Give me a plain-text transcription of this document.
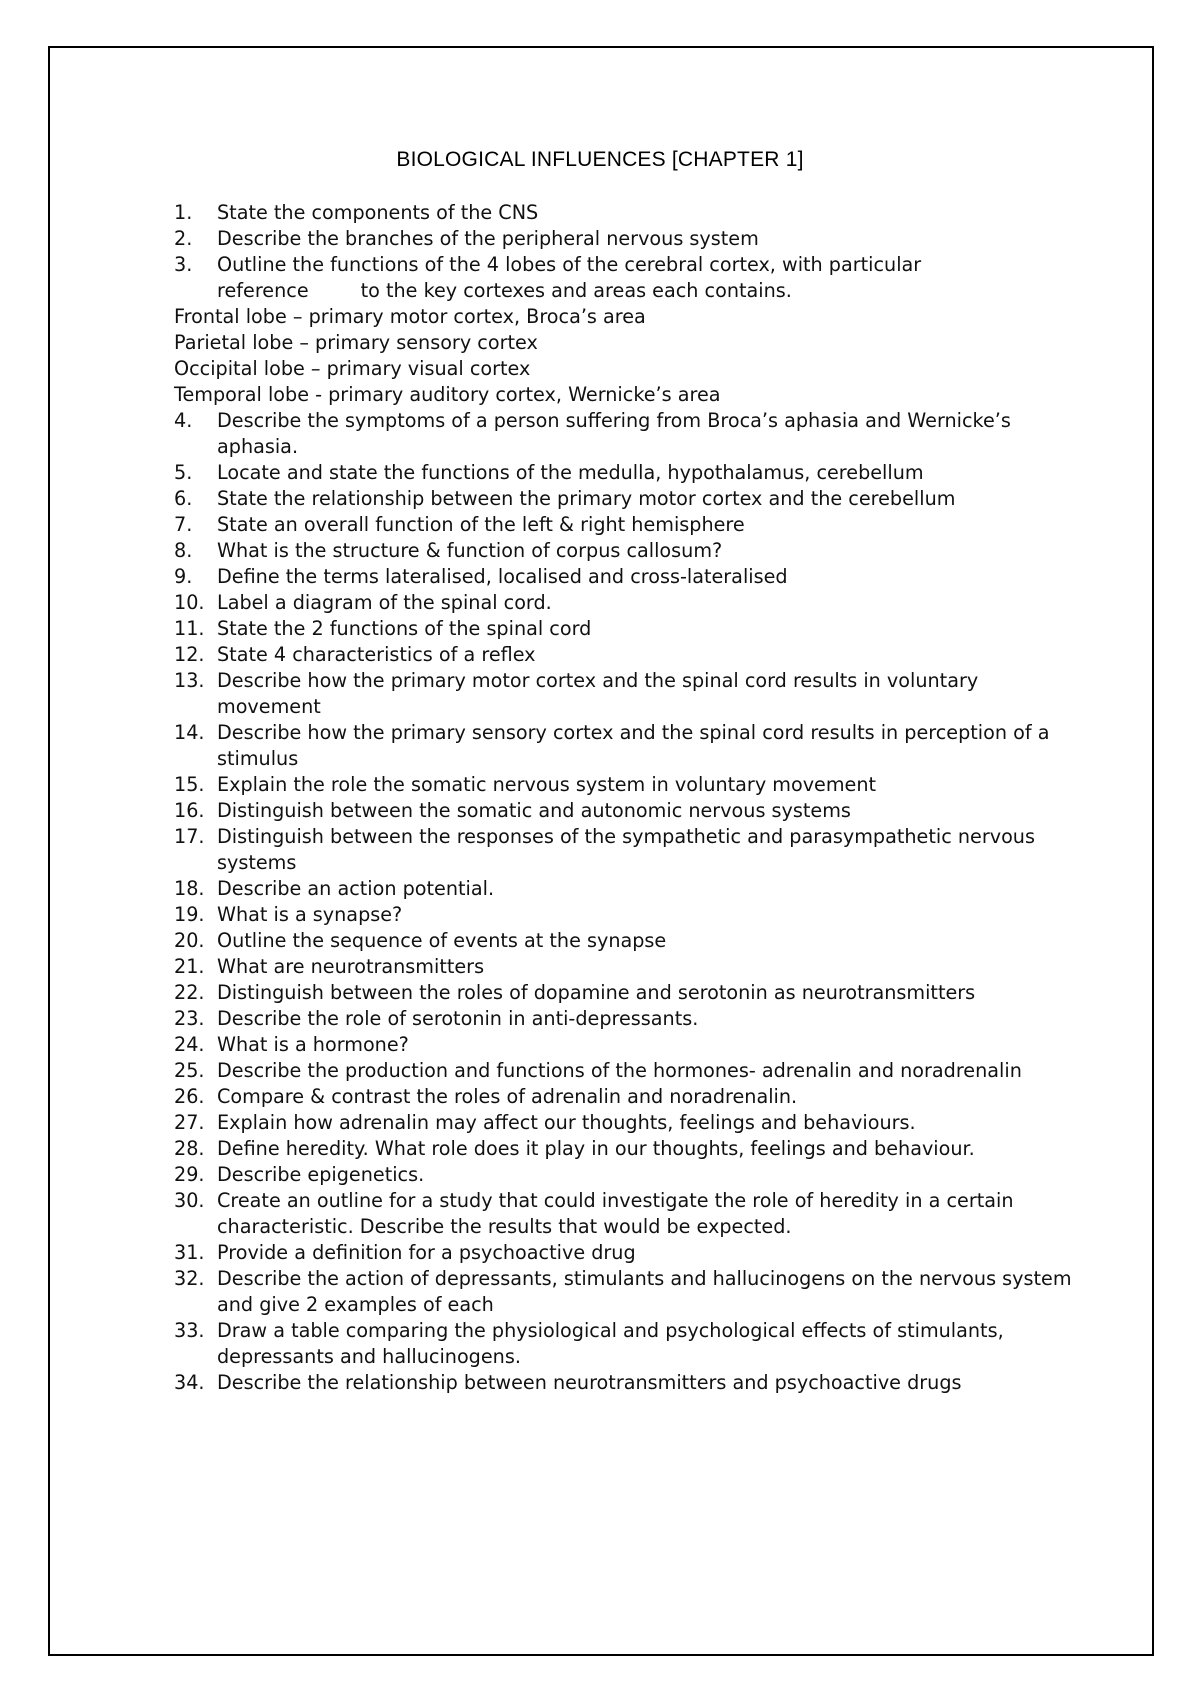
BIOLOGICAL INFLUENCES [CHAPTER 1]
1.	State the components of the CNS
2.	Describe the branches of the peripheral nervous system
3.	Outline the functions of the 4 lobes of the cerebral cortex, with particular
reference	to the key cortexes and areas each contains.
Frontal lobe – primary motor cortex, Broca’s area
Parietal lobe – primary sensory cortex
Occipital lobe – primary visual cortex
Temporal lobe - primary auditory cortex, Wernicke’s area
4.	Describe the symptoms of a person suffering from Broca’s aphasia and Wernicke’s aphasia.
5.	Locate and state the functions of the medulla, hypothalamus, cerebellum
6.	State the relationship between the primary motor cortex and the cerebellum
7.	State an overall function of the left & right hemisphere
8.	What is the structure & function of corpus callosum?
9.	Define the terms lateralised, localised and cross-lateralised
10. Label a diagram of the spinal cord.
11. State the 2 functions of the spinal cord
12. State 4 characteristics of a reflex
13. Describe how the primary motor cortex and the spinal cord results in voluntary movement
14. Describe how the primary sensory cortex and the spinal cord results in perception of a stimulus
15. Explain the role the somatic nervous system in voluntary movement
16. Distinguish between the somatic and autonomic nervous systems
17. Distinguish between the responses of the sympathetic and parasympathetic nervous systems
18. Describe an action potential.
19. What is a synapse?
20. Outline the sequence of events at the synapse
21. What are neurotransmitters
22. Distinguish between the roles of dopamine and serotonin as neurotransmitters
23. Describe the role of serotonin in anti-depressants.
24. What is a hormone?
25. Describe the production and functions of the hormones- adrenalin and noradrenalin
26. Compare & contrast the roles of adrenalin and noradrenalin.
27. Explain how adrenalin may affect our thoughts, feelings and behaviours.
28. Define heredity. What role does it play in our thoughts, feelings and behaviour.
29. Describe epigenetics.
30. Create an outline for a study that could investigate the role of heredity in a certain characteristic. Describe the results that would be expected.
31. Provide a definition for a psychoactive drug
32. Describe the action of depressants, stimulants and hallucinogens on the nervous system and give 2 examples of each
33. Draw a table comparing the physiological and psychological effects of stimulants, depressants and hallucinogens.
34. Describe the relationship between neurotransmitters and psychoactive drugs
